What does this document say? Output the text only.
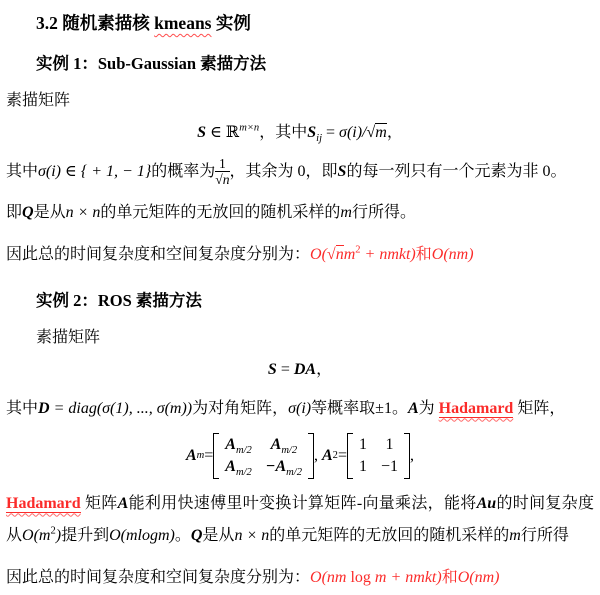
3.2 随机素描核 kmeans 实例
实例 1：Sub-Gaussian 素描方法
素描矩阵
S ∈ ℝ$^{m\times n}$，其中$S_{ij} = \sigma(i)/√m$，
其中σ(i) ∈ { + 1, − 1}的概率为 $\frac{1}{√n}$ ，其余为 0，即S的每一列只有一个元素为非 0。
即Q是从n × n的单元矩阵的无放回的随机采样的m行所得。
因此总的时间复杂度和空间复杂度分别为：$O(√nm^2$ + nmkt)和O(nm)
实例 2：ROS 素描方法
素描矩阵
S = DA，
其中D = diag(σ(1), ..., σ(m))为对角矩阵，σ(i)等概率取±1。A为 Hadamard 矩阵，
A m =
$A_{m/2}$ $A_{m/2}$
$A_{m/2} -A_{m/2}$
,
A 2 =
1 1
1 −1
,
Hadamard 矩阵A能利用快速傅里叶变换计算矩阵-向量乘法，能将Au的时间复杂度从$O(m^2)$提升到O(mlogm)。Q是从n × n的单元矩阵的无放回的随机采样的m行所得
因此总的时间复杂度和空间复杂度分别为：O(nm log m + nmkt)和O(nm)
